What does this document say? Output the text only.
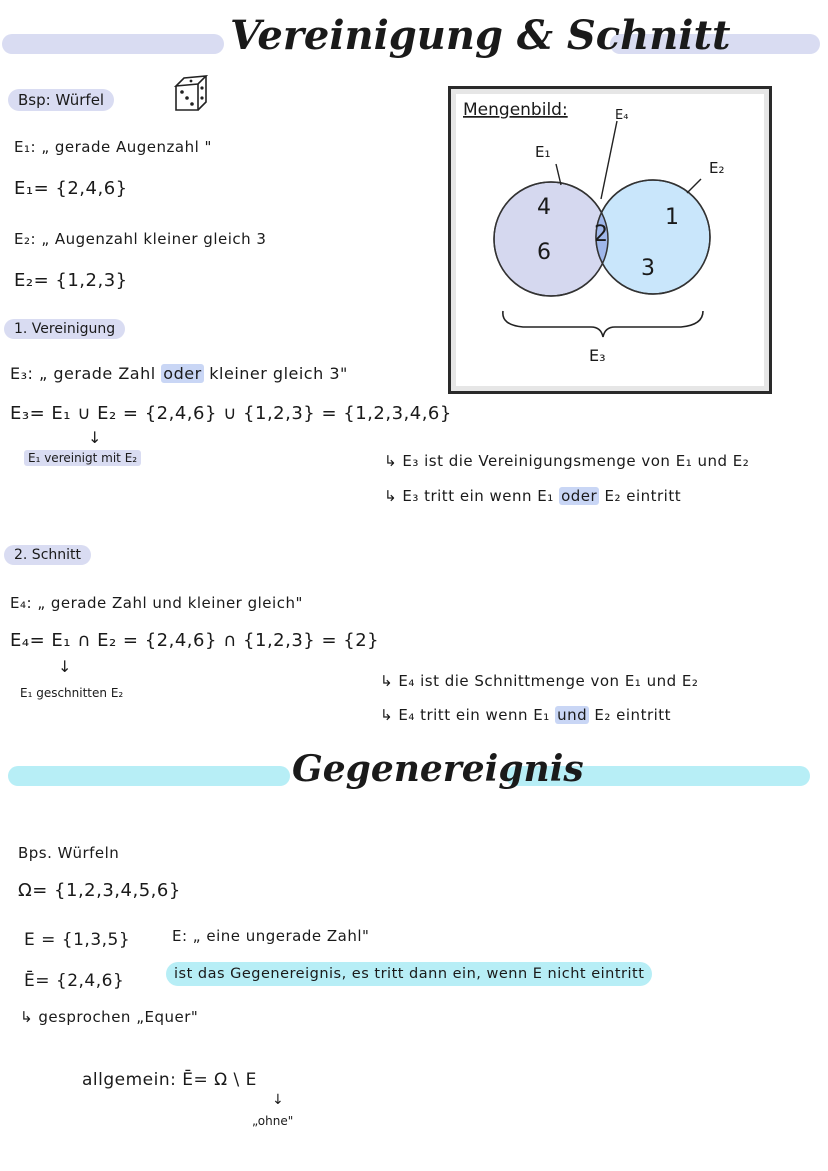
Vereinigung & Schnitt
Bsp: Würfel
E₁: „ gerade Augenzahl "
E₁= {2,4,6}
E₂: „ Augenzahl kleiner gleich 3
E₂= {1,2,3}
Mengenbild:	E₄
E₁
E₂
4
6
2
1
3
E₃
1. Vereinigung
E₃: „ gerade Zahl oder kleiner gleich 3"
E₃= E₁ ∪ E₂ = {2,4,6} ∪ {1,2,3} = {1,2,3,4,6}
↓
E₁ vereinigt mit E₂	↳ E₃ ist die Vereinigungsmenge von E₁ und E₂
↳ E₃ tritt ein wenn E₁ oder E₂ eintritt
2. Schnitt
E₄: „ gerade Zahl und kleiner gleich"
E₄= E₁ ∩ E₂ = {2,4,6} ∩ {1,2,3} = {2}
↓
E₁ geschnitten E₂
↳ E₄ ist die Schnittmenge von E₁ und E₂
↳ E₄ tritt ein wenn E₁ und E₂ eintritt
Gegenereignis
Bps. Würfeln
Ω= {1,2,3,4,5,6}
E = {1,3,5}	E: „ eine ungerade Zahl"
Ē= {2,4,6}	ist das Gegenereignis, es tritt dann ein, wenn E nicht eintritt
↳ gesprochen „Equer"
allgemein: Ē= Ω \ E
↓
„ohne"
